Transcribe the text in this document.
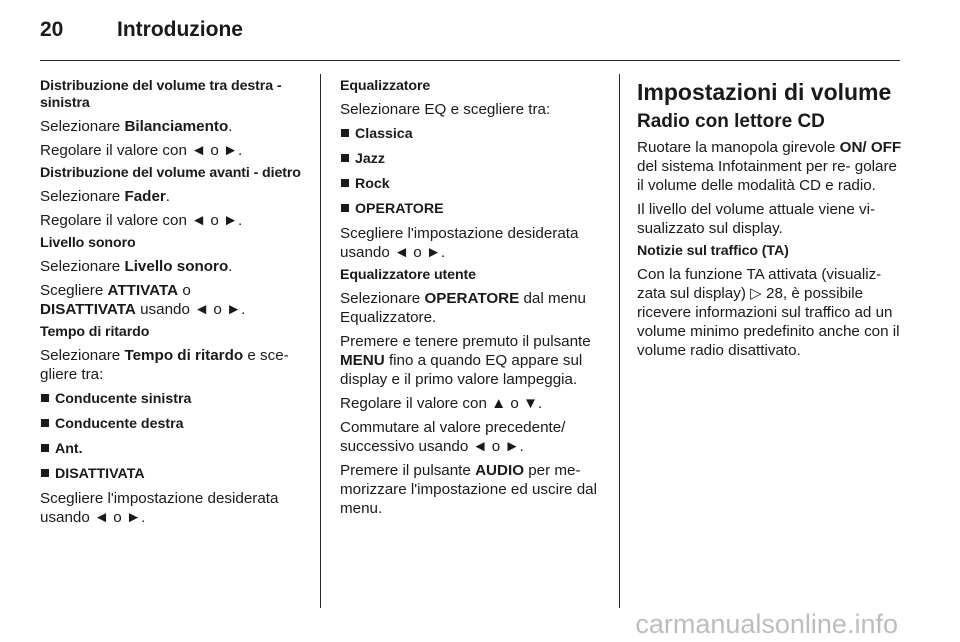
20	Introduzione

Distribuzione del volume tra destra - sinistra

Selezionare Bilanciamento.

Regolare il valore con ◄ o ►.

Distribuzione del volume avanti - dietro

Selezionare Fader.

Regolare il valore con ◄ o ►.

Livello sonoro

Selezionare Livello sonoro.

Scegliere ATTIVATA o
DISATTIVATA usando ◄ o ►.

Tempo di ritardo

Selezionare Tempo di ritardo e sce- gliere tra:

Conducente sinistra

Conducente destra

Ant.

DISATTIVATA

Scegliere l'impostazione desiderata usando ◄ o ►.

Equalizzatore

Selezionare EQ e scegliere tra:

Classica

Jazz

Rock

OPERATORE

Scegliere l'impostazione desiderata usando ◄ o ►.

Equalizzatore utente

Selezionare OPERATORE dal menu Equalizzatore.

Premere e tenere premuto il pulsante MENU fino a quando EQ appare sul display e il primo valore lampeggia.

Regolare il valore con ▲ o ▼.

Commutare al valore precedente/ successivo usando ◄ o ►.

Premere il pulsante AUDIO per me- morizzare l'impostazione ed uscire dal menu.

Impostazioni di volume

Radio con lettore CD

Ruotare la manopola girevole ON/ OFF del sistema Infotainment per re- golare il volume delle modalità CD e radio.

Il livello del volume attuale viene vi- sualizzato sul display.

Notizie sul traffico (TA)

Con la funzione TA attivata (visualiz- zata sul display) ▷ 28, è possibile ricevere informazioni sul traffico ad un volume minimo predefinito anche con il volume radio disattivato.

carmanualsonline.info
